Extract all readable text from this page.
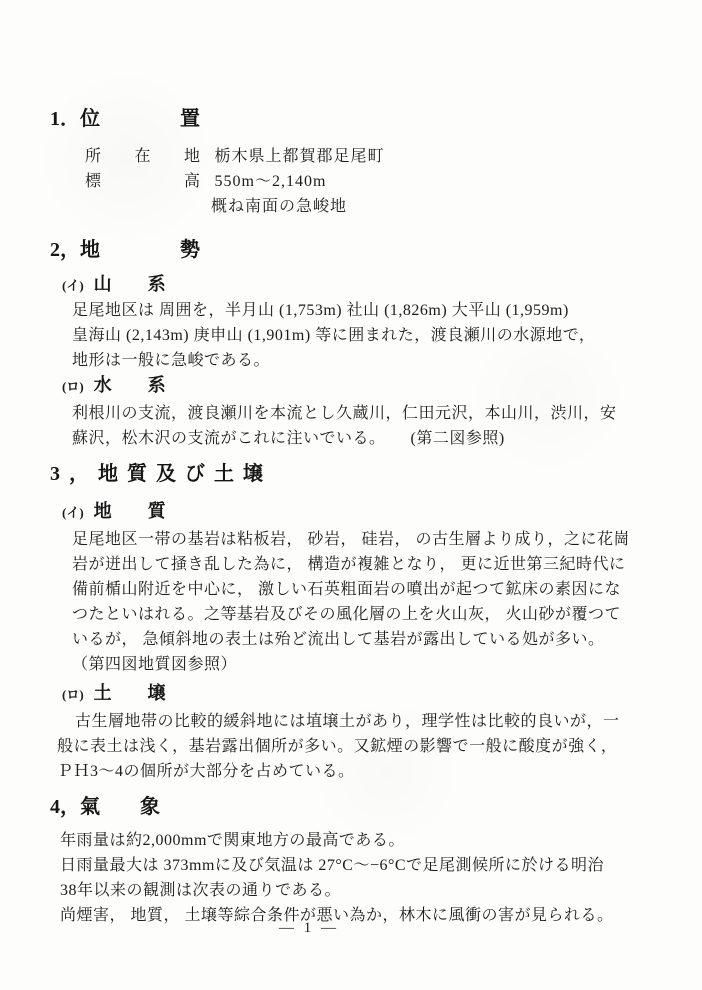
1．位　　　　置
所　　在　　地 栃木県上都賀郡足尾町
標　　　　　高 550m〜2,140m
概ね南面の急峻地
2，地　　　　勢
(イ) 山　　系
足尾地区は 周囲を，半月山 (1,753m) 社山 (1,826m) 大平山 (1,959m)
皇海山 (2,143m) 庚申山 (1,901m) 等に囲まれた，渡良瀬川の水源地で，
地形は一般に急峻である。
(ロ) 水　　系
利根川の支流，渡良瀬川を本流とし久蔵川，仁田元沢，本山川，渋川，安
蘇沢，松木沢の支流がこれに注いでいる。　　(第二図参照)
3，地質及び土壌
(イ) 地　　質
足尾地区一帯の基岩は粘板岩， 砂岩， 硅岩， の古生層より成り，之に花崗
岩が迸出して掻き乱した為に， 構造が複雑となり， 更に近世第三紀時代に
備前楯山附近を中心に， 激しい石英粗面岩の噴出が起つて鉱床の素因にな
つたといはれる。之等基岩及びその風化層の上を火山灰， 火山砂が覆つて
いるが， 急傾斜地の表土は殆ど流出して基岩が露出している処が多い。
（第四図地質図参照）
(ロ) 土　　壌
古生層地帯の比較的緩斜地には埴壌土があり，理学性は比較的良いが，一
般に表土は浅く，基岩露出個所が多い。又鉱煙の影響で一般に酸度が強く，
ＰＨ3〜4の個所が大部分を占めている。
4，氣　　象
年雨量は約2,000mmで関東地方の最高である。
日雨量最大は 373mmに及び気温は 27°C〜−6°Cで足尾測候所に於ける明治
38年以来の観測は次表の通りである。
尚煙害， 地質， 土壌等綜合条件が悪い為か，林木に風衝の害が見られる。
— 1 —
